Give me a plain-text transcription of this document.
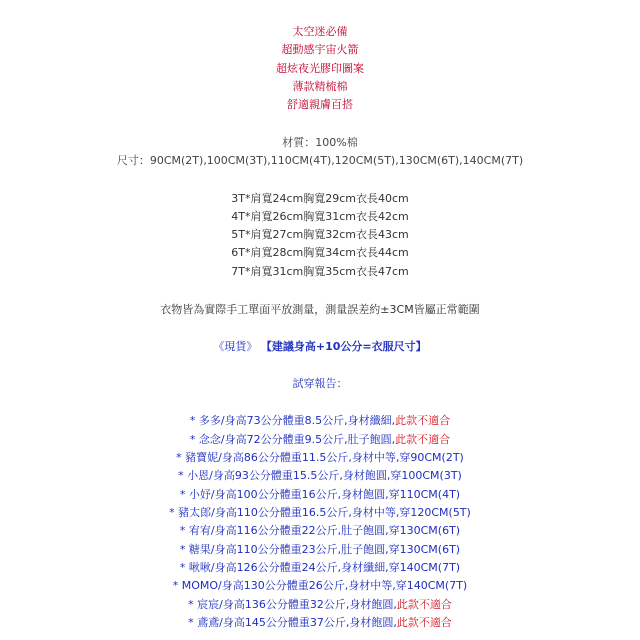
太空迷必備
超動感宇宙火箭
超炫夜光膠印圖案
薄款精梳棉
舒適親膚百搭
材質：100%棉
尺寸：90CM(2T),100CM(3T),110CM(4T),120CM(5T),130CM(6T),140CM(7T)
3T*肩寬24cm胸寬29cm衣長40cm
4T*肩寬26cm胸寬31cm衣長42cm
5T*肩寬27cm胸寬32cm衣長43cm
6T*肩寬28cm胸寬34cm衣長44cm
7T*肩寬31cm胸寬35cm衣長47cm
衣物皆為實際手工單面平放測量，測量誤差約±3CM皆屬正常範圍
《現貨》 【建議身高+10公分=衣服尺寸】
試穿報告：
* 多多/身高73公分體重8.5公斤,身材纖細,此款不適合
* 念念/身高72公分體重9.5公斤,肚子飽圓,此款不適合
* 豬寶妮/身高86公分體重11.5公斤,身材中等,穿90CM(2T)
* 小恩/身高93公分體重15.5公斤,身材飽圓,穿100CM(3T)
* 小妤/身高100公分體重16公斤,身材飽圓,穿110CM(4T)
* 豬太郎/身高110公分體重16.5公斤,身材中等,穿120CM(5T)
* 宥宥/身高116公分體重22公斤,肚子飽圓,穿130CM(6T)
* 糖果/身高110公分體重23公斤,肚子飽圓,穿130CM(6T)
* 啾啾/身高126公分體重24公斤,身材纖細,穿140CM(7T)
* MOMO/身高130公分體重26公斤,身材中等,穿140CM(7T)
* 宸宸/身高136公分體重32公斤,身材飽圓,此款不適合
* 鳶鳶/身高145公分體重37公斤,身材飽圓,此款不適合
